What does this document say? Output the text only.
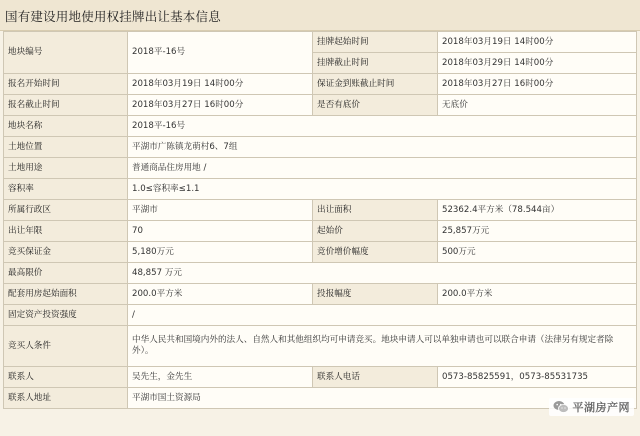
国有建设用地使用权挂牌出让基本信息
地块编号	2018平-16号	挂牌起始时间	2018年03月19日 14时00分
		挂牌截止时间	2018年03月29日 14时00分
报名开始时间	2018年03月19日 14时00分	保证金到账截止时间	2018年03月27日 16时00分
报名截止时间	2018年03月27日 16时00分	是否有底价	无底价
地块名称	2018平-16号		
土地位置	平湖市广陈镇龙萌村6、7组		
土地用途	普通商品住房用地 /		
容积率	1.0≤容积率≤1.1		
所属行政区	平湖市	出让面积	52362.4平方米（78.544亩）
出让年限	70	起始价	25,857万元
竞买保证金	5,180万元	竞价增价幅度	500万元
最高限价	48,857 万元		
配套用房起始面积	200.0平方米	投报幅度	200.0平方米
固定资产投资强度	/		
竞买人条件	中华人民共和国境内外的法人、自然人和其他组织均可申请竞买。地块申请人可以单独申请也可以联合申请（法律另有规定者除外）。		
联系人	吴先生，金先生	联系人电话	0573-85825591，0573-85531735
联系人地址	平湖市国土资源局		
平湖房产网
